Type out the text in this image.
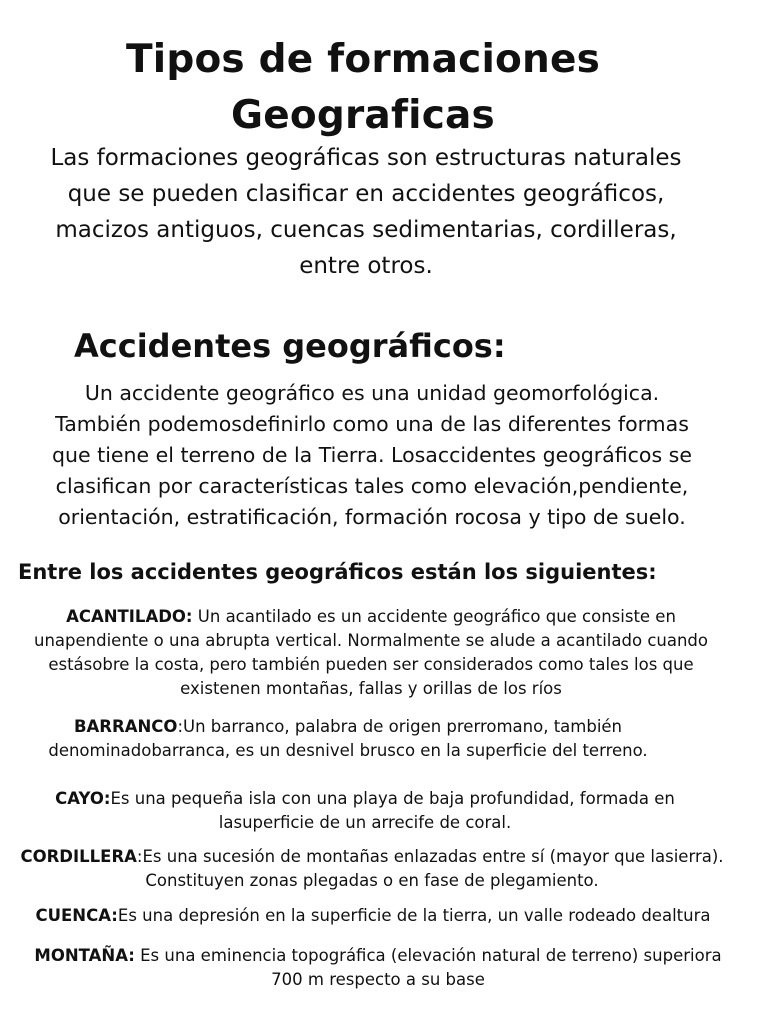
Tipos de formaciones
Geograficas
Las formaciones geográficas son estructuras naturales
que se pueden clasificar en accidentes geográficos,
macizos antiguos, cuencas sedimentarias, cordilleras,
entre otros.
Accidentes geográficos:
Un accidente geográfico es una unidad geomorfológica.
También podemosdefinirlo como una de las diferentes formas
que tiene el terreno de la Tierra. Losaccidentes geográficos se
clasifican por características tales como elevación,pendiente,
orientación, estratificación, formación rocosa y tipo de suelo.
Entre los accidentes geográficos están los siguientes:
ACANTILADO: Un acantilado es un accidente geográfico que consiste en
unapendiente o una abrupta vertical. Normalmente se alude a acantilado cuando
estásobre la costa, pero también pueden ser considerados como tales los que
existenen montañas, fallas y orillas de los ríos
BARRANCO:Un barranco, palabra de origen prerromano, también
denominadobarranca, es un desnivel brusco en la superficie del terreno.
CAYO:Es una pequeña isla con una playa de baja profundidad, formada en
lasuperficie de un arrecife de coral.
CORDILLERA:Es una sucesión de montañas enlazadas entre sí (mayor que lasierra).
Constituyen zonas plegadas o en fase de plegamiento.
CUENCA:Es una depresión en la superficie de la tierra, un valle rodeado dealtura
MONTAÑA: Es una eminencia topográfica (elevación natural de terreno) superiora
700 m respecto a su base
